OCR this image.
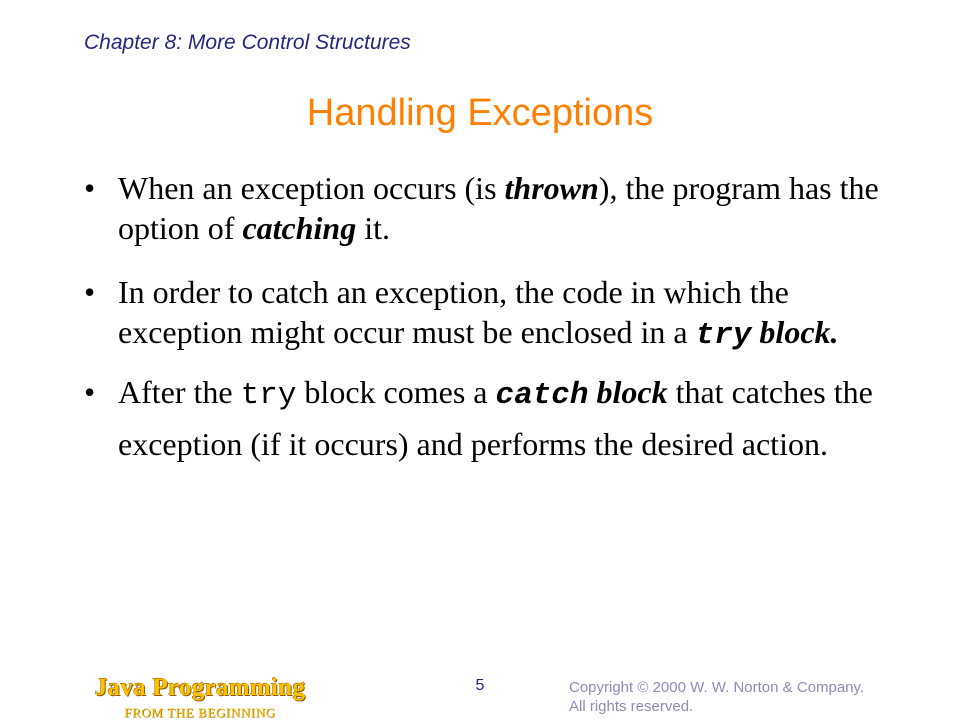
Chapter 8: More Control Structures
Handling Exceptions
• When an exception occurs (is thrown), the program has the option of catching it.
• In order to catch an exception, the code in which the exception might occur must be enclosed in a try block.
• After the try block comes a catch block that catches the exception (if it occurs) and performs the desired action.
Java Programming
FROM THE BEGINNING
5	Copyright © 2000 W. W. Norton & Company.
All rights reserved.
